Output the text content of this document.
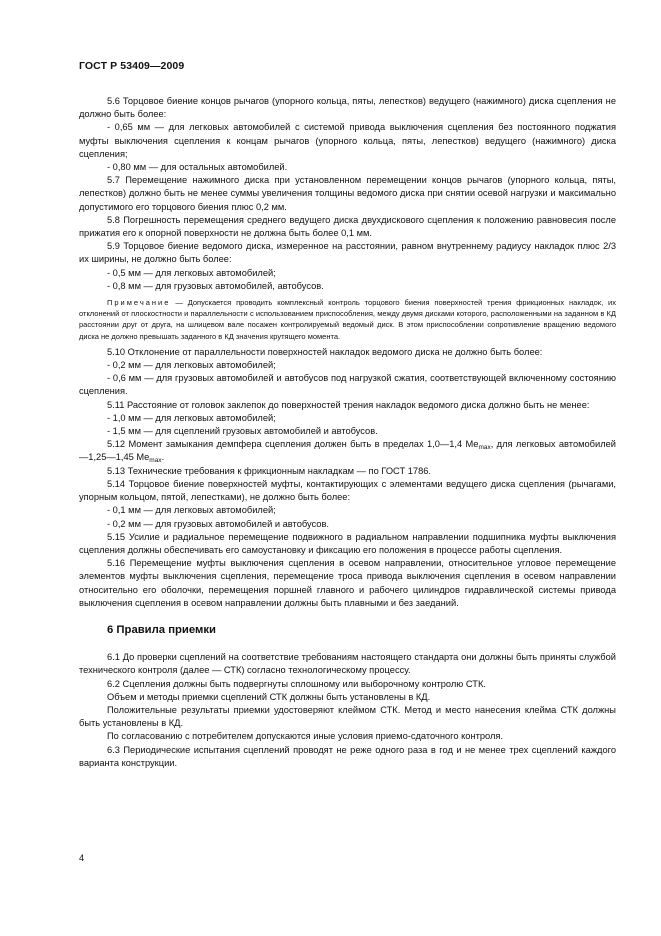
ГОСТ Р 53409—2009

5.6 Торцовое биение концов рычагов (упорного кольца, пяты, лепестков) ведущего (нажимного) диска сцепления не должно быть более:

- 0,65 мм — для легковых автомобилей с системой привода выключения сцепления без постоянного поджатия муфты выключения сцепления к концам рычагов (упорного кольца, пяты, лепестков) ведущего (нажимного) диска сцепления;

- 0,80 мм — для остальных автомобилей.

5.7 Перемещение нажимного диска при установленном перемещении концов рычагов (упорного кольца, пяты, лепестков) должно быть не менее суммы увеличения толщины ведомого диска при снятии осевой нагрузки и максимально допустимого его торцового биения плюс 0,2 мм.

5.8 Погрешность перемещения среднего ведущего диска двухдискового сцепления к положению равновесия после прижатия его к опорной поверхности не должна быть более 0,1 мм.

5.9 Торцовое биение ведомого диска, измеренное на расстоянии, равном внутреннему радиусу накладок плюс 2/3 их ширины, не должно быть более:

- 0,5 мм — для легковых автомобилей;

- 0,8 мм — для грузовых автомобилей, автобусов.

Примечание — Допускается проводить комплексный контроль торцового биения поверхностей трения фрикционных накладок, их отклонений от плоскостности и параллельности с использованием приспособления, между двумя дисками которого, расположенными на заданном в КД расстоянии друг от друга, на шлицевом вале посажен контролируемый ведомый диск. В этом приспособлении сопротивление вращению ведомого диска не должно превышать заданного в КД значения крутящего момента.

5.10 Отклонение от параллельности поверхностей накладок ведомого диска не должно быть более:

- 0,2 мм — для легковых автомобилей;

- 0,6 мм — для грузовых автомобилей и автобусов под нагрузкой сжатия, соответствующей включенному состоянию сцепления.

5.11 Расстояние от головок заклепок до поверхностей трения накладок ведомого диска должно быть не менее:

- 1,0 мм — для легковых автомобилей;

- 1,5 мм — для сцеплений грузовых автомобилей и автобусов.

5.12 Момент замыкания демпфера сцепления должен быть в пределах 1,0—1,4 $Me_{max}$, для легковых автомобилей —1,25—1,45 $Me_{max}$.

5.13 Технические требования к фрикционным накладкам — по ГОСТ 1786.

5.14 Торцовое биение поверхностей муфты, контактирующих с элементами ведущего диска сцепления (рычагами, упорным кольцом, пятой, лепестками), не должно быть более:

- 0,1 мм — для легковых автомобилей;

- 0,2 мм — для грузовых автомобилей и автобусов.

5.15 Усилие и радиальное перемещение подвижного в радиальном направлении подшипника муфты выключения сцепления должны обеспечивать его самоустановку и фиксацию его положения в процессе работы сцепления.

5.16 Перемещение муфты выключения сцепления в осевом направлении, относительное угловое перемещение элементов муфты выключения сцепления, перемещение троса привода выключения сцепления в осевом направлении относительно его оболочки, перемещения поршней главного и рабочего цилиндров гидравлической системы привода выключения сцепления в осевом направлении должны быть плавными и без заеданий.

6 Правила приемки

6.1 До проверки сцеплений на соответствие требованиям настоящего стандарта они должны быть приняты службой технического контроля (далее — СТК) согласно технологическому процессу.

6.2 Сцепления должны быть подвергнуты сплошному или выборочному контролю СТК.

Объем и методы приемки сцеплений СТК должны быть установлены в КД.

Положительные результаты приемки удостоверяют клеймом СТК. Метод и место нанесения клейма СТК должны быть установлены в КД.

По согласованию с потребителем допускаются иные условия приемо-сдаточного контроля.

6.3 Периодические испытания сцеплений проводят не реже одного раза в год и не менее трех сцеплений каждого варианта конструкции.

4
